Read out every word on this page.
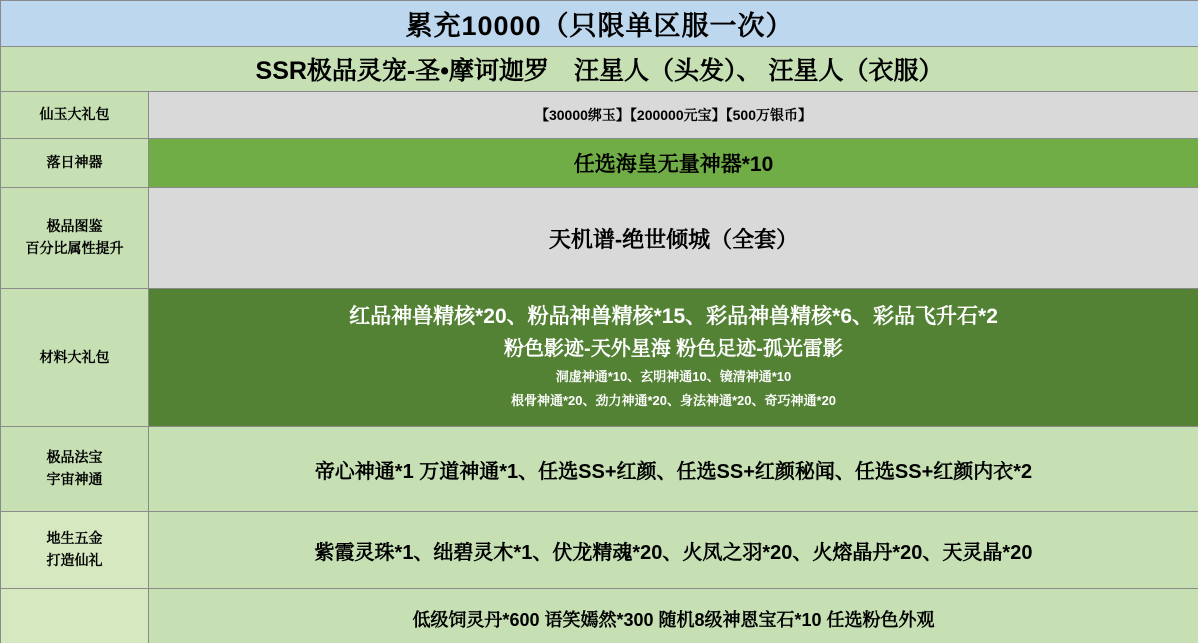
累充10000（只限单区服一次）	
SSR极品灵宠-圣•摩诃迦罗　汪星人（头发）、 汪星人（衣服）	
仙玉大礼包	【30000绑玉】【200000元宝】【500万银币】
落日神器	任选海皇无量神器*10
极品图鉴
百分比属性提升	天机谱-绝世倾城（全套）
材料大礼包	红品神兽精核*20、粉品神兽精核*15、彩品神兽精核*6、彩品飞升石*2
粉色影迹-天外星海 粉色足迹-孤光雷影
洞虚神通*10、玄明神通10、镜清神通*10
根骨神通*20、劲力神通*20、身法神通*20、奇巧神通*20

极品法宝
宇宙神通	帝心神通*1 万道神通*1、任选SS+红颜、任选SS+红颜秘闻、任选SS+红颜内衣*2
地生五金
打造仙礼	紫霞灵珠*1、绌碧灵木*1、伏龙精魂*20、火凤之羽*20、火熔晶丹*20、天灵晶*20
	低级饲灵丹*600 语笑嫣然*300 随机8级神恩宝石*10 任选粉色外观
